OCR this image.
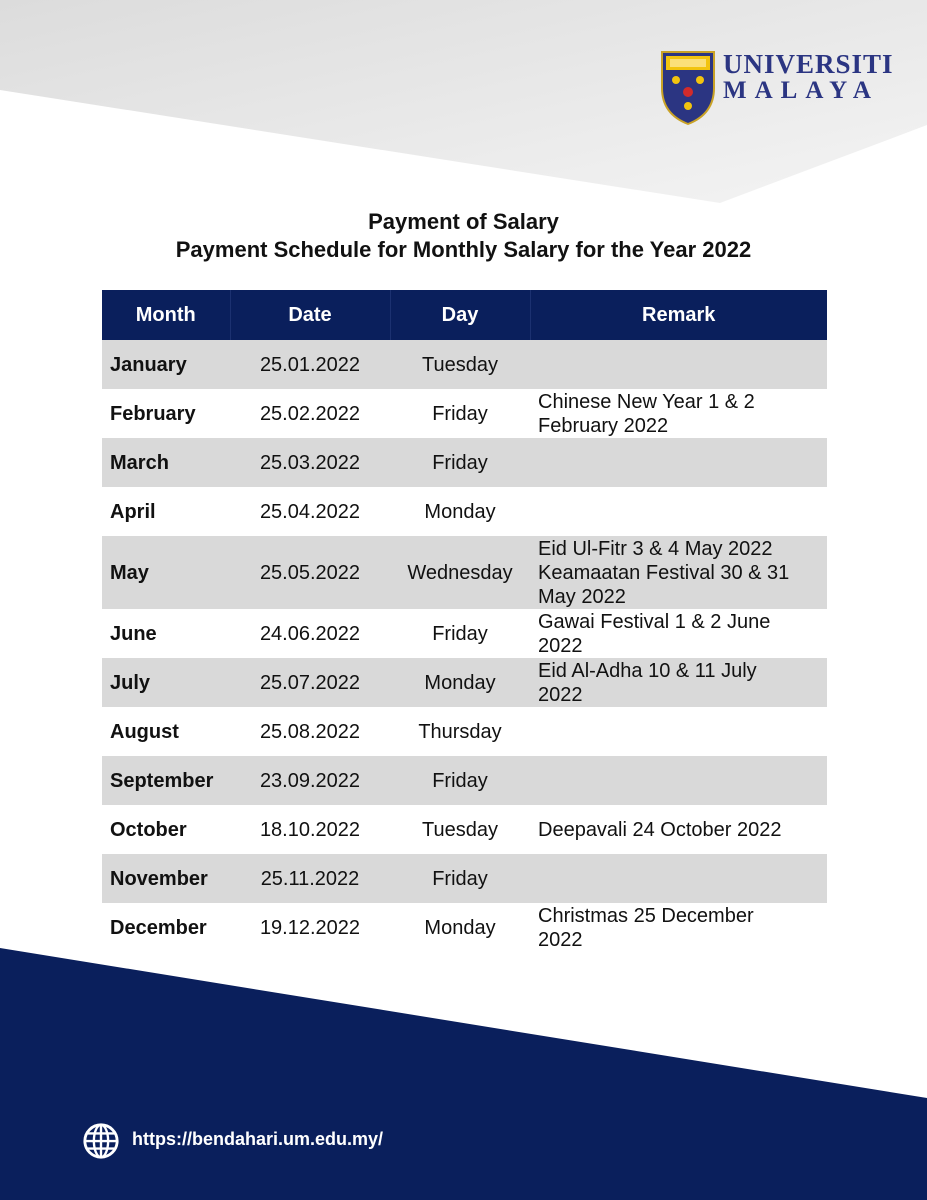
UNIVERSITI
MALAYA
Payment of Salary
Payment Schedule for Monthly Salary for the Year 2022
Month	Date	Day	Remark
January	25.01.2022	Tuesday	
February	25.02.2022	Friday	Chinese New Year 1 & 2
February 2022

March	25.03.2022	Friday	
April	25.04.2022	Monday	
May	25.05.2022	Wednesday	Eid Ul-Fitr 3 & 4 May 2022
Keamaatan Festival 30 & 31
May 2022

June	24.06.2022	Friday	Gawai Festival 1 & 2 June
2022

July	25.07.2022	Monday	Eid Al-Adha 10 & 11 July
2022

August	25.08.2022	Thursday	
September	23.09.2022	Friday	
October	18.10.2022	Tuesday	Deepavali 24 October 2022

November	25.11.2022	Friday	
December	19.12.2022	Monday	Christmas 25 December
2022
https://bendahari.um.edu.my/
